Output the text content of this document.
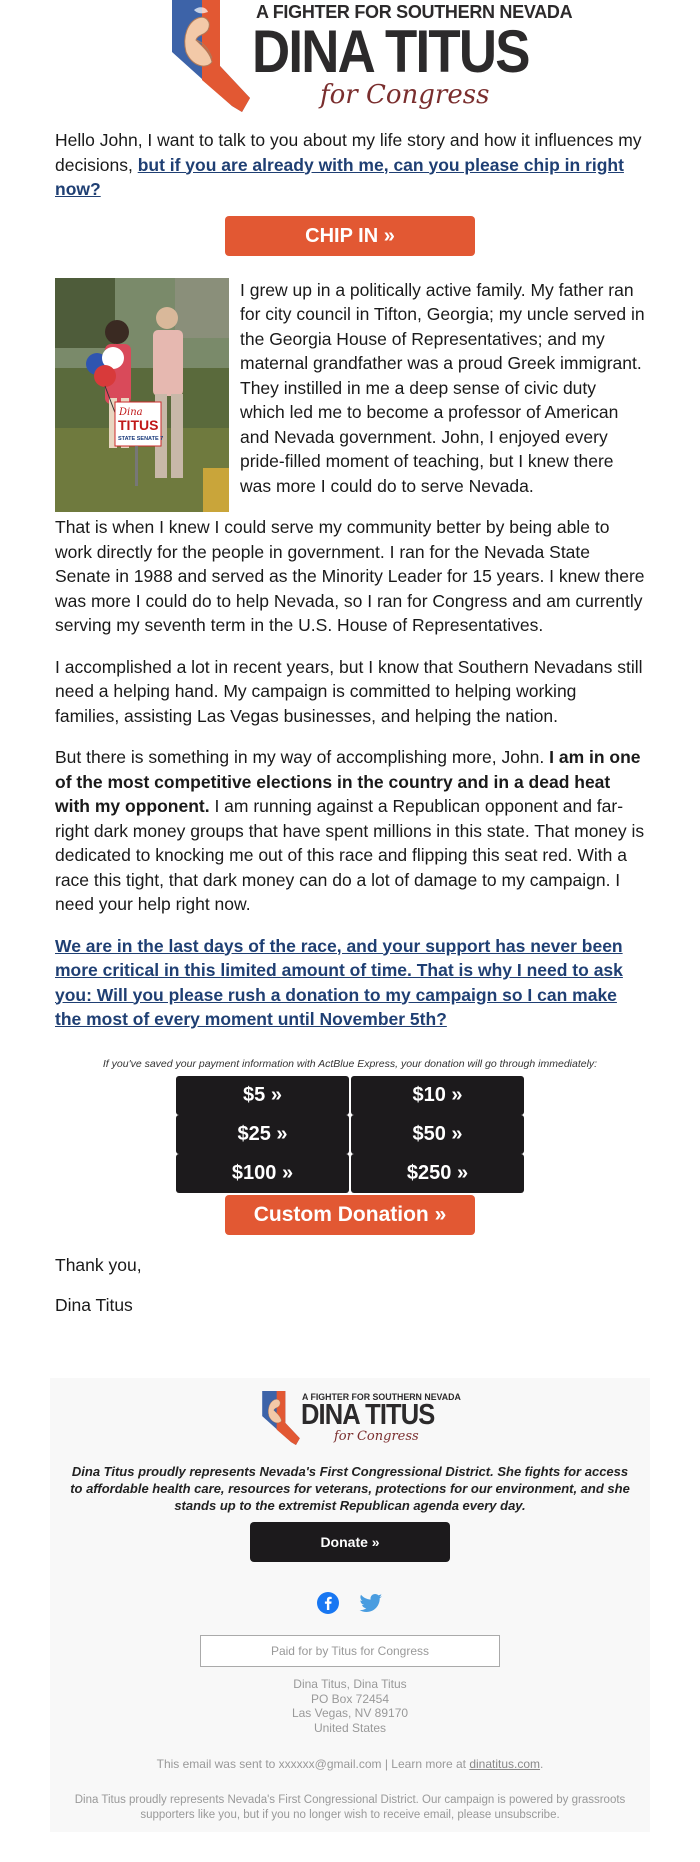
A FIGHTER FOR SOUTHERN NEVADA
DINA TITUS
for Congress

Hello John, I want to talk to you about my life story and how it influences my decisions, but if you are already with me, can you please chip in right now?

CHIP IN »
Dina
TITUS
STATE SENATE 7

I grew up in a politically active family. My father ran for city council in Tifton, Georgia; my uncle served in the Georgia House of Representatives; and my maternal grandfather was a proud Greek immigrant. They instilled in me a deep sense of civic duty which led me to become a professor of American and Nevada government. John, I enjoyed every pride-filled moment of teaching, but I knew there was more I could do to serve Nevada.

That is when I knew I could serve my community better by being able to work directly for the people in government. I ran for the Nevada State Senate in 1988 and served as the Minority Leader for 15 years. I knew there was more I could do to help Nevada, so I ran for Congress and am currently serving my seventh term in the U.S. House of Representatives.

I accomplished a lot in recent years, but I know that Southern Nevadans still need a helping hand. My campaign is committed to helping working families, assisting Las Vegas businesses, and helping the nation.

But there is something in my way of accomplishing more, John. I am in one of the most competitive elections in the country and in a dead heat with my opponent. I am running against a Republican opponent and far-right dark money groups that have spent millions in this state. That money is dedicated to knocking me out of this race and flipping this seat red. With a race this tight, that dark money can do a lot of damage to my campaign. I need your help right now.

We are in the last days of the race, and your support has never been more critical in this limited amount of time. That is why I need to ask you: Will you please rush a donation to my campaign so I can make the most of every moment until November 5th?

If you've saved your payment information with ActBlue Express, your donation will go through immediately:
$5 »	$10 »
$25 »	$50 »
$100 »	$250 »
Custom Donation »

Thank you,

Dina Titus

A FIGHTER FOR SOUTHERN NEVADA
DINA TITUS
for Congress

Dina Titus proudly represents Nevada's First Congressional District. She fights for access to affordable health care, resources for veterans, protections for our environment, and she stands up to the extremist Republican agenda every day.

Donate »
Paid for by Titus for Congress
Dina Titus, Dina Titus
PO Box 72454
Las Vegas, NV 89170
United States
This email was sent to xxxxxx@gmail.com | Learn more at dinatitus.com.

Dina Titus proudly represents Nevada's First Congressional District. Our campaign is powered by grassroots supporters like you, but if you no longer wish to receive email, please unsubscribe.
